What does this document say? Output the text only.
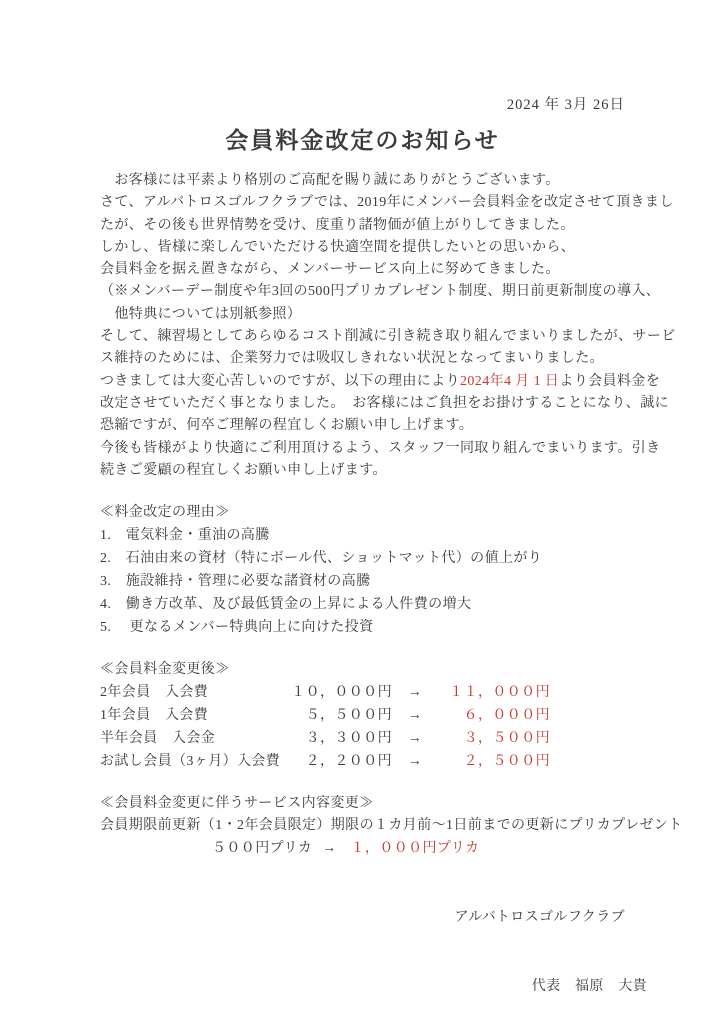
2024 年 3月 26日
会員料金改定のお知らせ
　お客様には平素より格別のご高配を賜り誠にありがとうございます。
さて、アルバトロスゴルフクラブでは、2019年にメンバー会員料金を改定させて頂きまし
たが、その後も世界情勢を受け、度重り諸物価が値上がりしてきました。
しかし、皆様に楽しんでいただける快適空間を提供したいとの思いから、
会員料金を据え置きながら、メンバーサービス向上に努めてきました。
（※メンバーデー制度や年3回の500円プリカプレゼント制度、期日前更新制度の導入、
　他特典については別紙参照）
そして、練習場としてあらゆるコスト削減に引き続き取り組んでまいりましたが、サービ
ス維持のためには、企業努力では吸収しきれない状況となってまいりました。
つきましては大変心苦しいのですが、以下の理由により2024年4 月 1 日より会員料金を
改定させていただく事となりました。　お客様にはご負担をお掛けすることになり、誠に
恐縮ですが、何卒ご理解の程宜しくお願い申し上げます。
今後も皆様がより快適にご利用頂けるよう、スタッフ一同取り組んでまいります。引き
続きご愛顧の程宜しくお願い申し上げます。
≪料金改定の理由≫
1.　電気料金・重油の高騰
2.　石油由来の資材（特にボール代、ショットマット代）の値上がり
3.　施設維持・管理に必要な諸資材の高騰
4.　働き方改革、及び最低賃金の上昇による人件費の増大
5.　 更なるメンバー特典向上に向けた投資
≪会員料金変更後≫
2年会員　入会費	１０，０００円	→	１１，０００円
1年会員　入会費	５，５００円	→	６，０００円
半年会員　入会金	３，３００円	→	３，５００円
お試し会員（3ヶ月）入会費	２，２００円	→	２，５００円
≪会員料金変更に伴うサービス内容変更≫
会員期限前更新（1・2年会員限定）期限の１カ月前～1日前までの更新にプリカプレゼント
５００円プリカ → １，０００円プリカ

アルバトロスゴルフクラブ

代表　福原　大貴
